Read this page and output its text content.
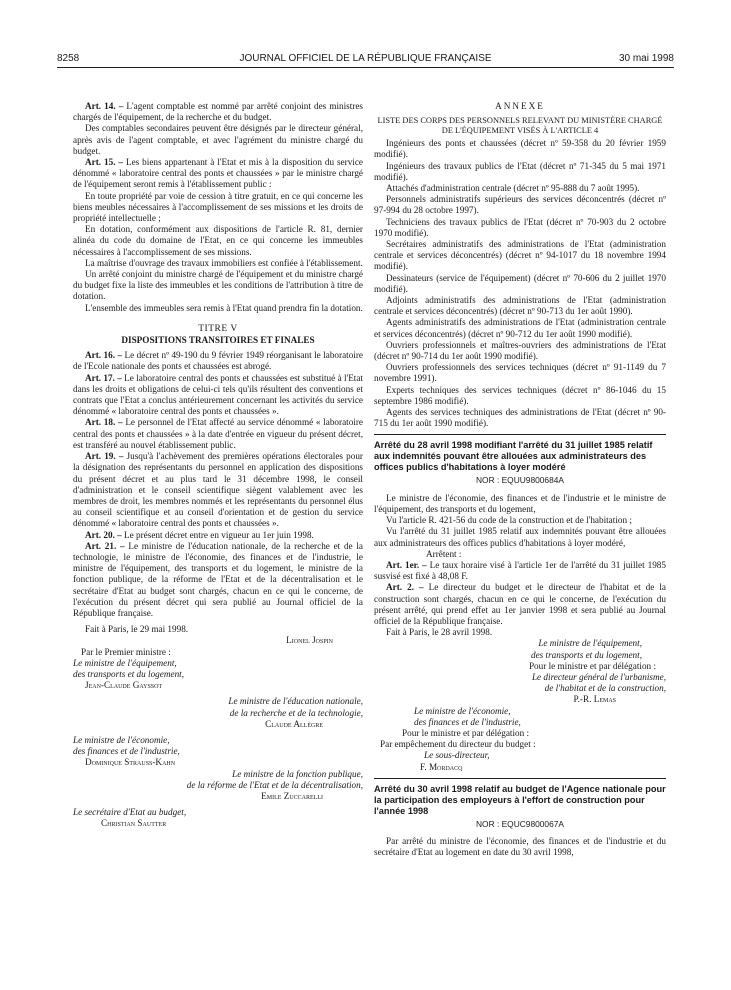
8258	JOURNAL OFFICIEL DE LA RÉPUBLIQUE FRANÇAISE	30 mai 1998

Art. 14. – L'agent comptable est nommé par arrêté conjoint des ministres chargés de l'équipement, de la recherche et du budget.

Des comptables secondaires peuvent être désignés par le directeur général, après avis de l'agent comptable, et avec l'agrément du ministre chargé du budget.

Art. 15. – Les biens appartenant à l'Etat et mis à la disposition du service dénommé « laboratoire central des ponts et chaussées » par le ministre chargé de l'équipement seront remis à l'établissement public :

En toute propriété par voie de cession à titre gratuit, en ce qui concerne les biens meubles nécessaires à l'accomplissement de ses missions et les droits de propriété intellectuelle ;

En dotation, conformément aux dispositions de l'article R. 81, dernier alinéa du code du domaine de l'Etat, en ce qui concerne les immeubles nécessaires à l'accomplissement de ses missions.

La maîtrise d'ouvrage des travaux immobiliers est confiée à l'établissement.

Un arrêté conjoint du ministre chargé de l'équipement et du ministre chargé du budget fixe la liste des immeubles et les conditions de l'attribution à titre de dotation.

L'ensemble des immeubles sera remis à l'Etat quand prendra fin la dotation.

TITRE V

DISPOSITIONS TRANSITOIRES ET FINALES

Art. 16. – Le décret nº 49-190 du 9 février 1949 réorganisant le laboratoire de l'Ecole nationale des ponts et chaussées est abrogé.

Art. 17. – Le laboratoire central des ponts et chaussées est substitué à l'Etat dans les droits et obligations de celui-ci tels qu'ils résultent des conventions et contrats que l'Etat a conclus antérieurement concernant les activités du service dénommé « laboratoire central des ponts et chaussées ».

Art. 18. – Le personnel de l'Etat affecté au service dénommé « laboratoire central des ponts et chaussées » à la date d'entrée en vigueur du présent décret, est transféré au nouvel établissement public.

Art. 19. – Jusqu'à l'achèvement des premières opérations électorales pour la désignation des représentants du personnel en application des dispositions du présent décret et au plus tard le 31 décembre 1998, le conseil d'administration et le conseil scientifique siègent valablement avec les membres de droit, les membres nommés et les représentants du personnel élus au conseil scientifique et au conseil d'orientation et de gestion du service dénommé « laboratoire central des ponts et chaussées ».

Art. 20. – Le présent décret entre en vigueur au 1er juin 1998.

Art. 21. – Le ministre de l'éducation nationale, de la recherche et de la technologie, le ministre de l'économie, des finances et de l'industrie, le ministre de l'équipement, des transports et du logement, le ministre de la fonction publique, de la réforme de l'Etat et de la décentralisation et le secrétaire d'Etat au budget sont chargés, chacun en ce qui le concerne, de l'exécution du présent décret qui sera publié au Journal officiel de la République française.

Fait à Paris, le 29 mai 1998.

Lionel Jospin

Par le Premier ministre :

Le ministre de l'équipement,

des transports et du logement,

Jean-Claude Gayssot

Le ministre de l'éducation nationale,

de la recherche et de la technologie,

Claude Allègre

Le ministre de l'économie,

des finances et de l'industrie,

Dominique Strauss-Kahn

Le ministre de la fonction publique,

de la réforme de l'Etat et de la décentralisation,

Emile Zuccarelli

Le secrétaire d'Etat au budget,

Christian Sautter

ANNEXE

LISTE DES CORPS DES PERSONNELS RELEVANT DU MINISTÈRE CHARGÉ DE L'ÉQUIPEMENT VISÉS À L'ARTICLE 4

Ingénieurs des ponts et chaussées (décret nº 59-358 du 20 février 1959 modifié).

Ingénieurs des travaux publics de l'Etat (décret nº 71-345 du 5 mai 1971 modifié).

Attachés d'administration centrale (décret nº 95-888 du 7 août 1995).

Personnels administratifs supérieurs des services déconcentrés (décret nº 97-994 du 28 octobre 1997).

Techniciens des travaux publics de l'Etat (décret nº 70-903 du 2 octobre 1970 modifié).

Secrétaires administratifs des administrations de l'Etat (administration centrale et services déconcentrés) (décret nº 94-1017 du 18 novembre 1994 modifié).

Dessinateurs (service de l'équipement) (décret nº 70-606 du 2 juillet 1970 modifié).

Adjoints administratifs des administrations de l'Etat (administration centrale et services déconcentrés) (décret nº 90-713 du 1er août 1990).

Agents administratifs des administrations de l'Etat (administration centrale et services déconcentrés) (décret nº 90-712 du 1er août 1990 modifié).

Ouvriers professionnels et maîtres-ouvriers des administrations de l'Etat (décret nº 90-714 du 1er août 1990 modifié).

Ouvriers professionnels des services techniques (décret nº 91-1149 du 7 novembre 1991).

Experts techniques des services techniques (décret nº 86-1046 du 15 septembre 1986 modifié).

Agents des services techniques des administrations de l'Etat (décret nº 90-715 du 1er août 1990 modifié).

Arrêté du 28 avril 1998 modifiant l'arrêté du 31 juillet 1985 relatif aux indemnités pouvant être allouées aux administrateurs des offices publics d'habitations à loyer modéré

NOR : EQUU9800684A

Le ministre de l'économie, des finances et de l'industrie et le ministre de l'équipement, des transports et du logement,

Vu l'article R. 421-56 du code de la construction et de l'habitation ;

Vu l'arrêté du 31 juillet 1985 relatif aux indemnités pouvant être allouées aux administrateurs des offices publics d'habitations à loyer modéré,

Arrêtent :

Art. 1er. – Le taux horaire visé à l'article 1er de l'arrêté du 31 juillet 1985 susvisé est fixé à 48,08 F.

Art. 2. – Le directeur du budget et le directeur de l'habitat et de la construction sont chargés, chacun en ce qui le concerne, de l'exécution du présent arrêté, qui prend effet au 1er janvier 1998 et sera publié au Journal officiel de la République française.

Fait à Paris, le 28 avril 1998.

Le ministre de l'équipement,

des transports et du logement,

Pour le ministre et par délégation :

Le directeur général de l'urbanisme,

de l'habitat et de la construction,

P.-R. Lemas

Le ministre de l'économie,

des finances et de l'industrie,

Pour le ministre et par délégation :

Par empêchement du directeur du budget :

Le sous-directeur,

F. Mordacq

Arrêté du 30 avril 1998 relatif au budget de l'Agence nationale pour la participation des employeurs à l'effort de construction pour l'année 1998

NOR : EQUC9800067A

Par arrêté du ministre de l'économie, des finances et de l'industrie et du secrétaire d'Etat au logement en date du 30 avril 1998,
